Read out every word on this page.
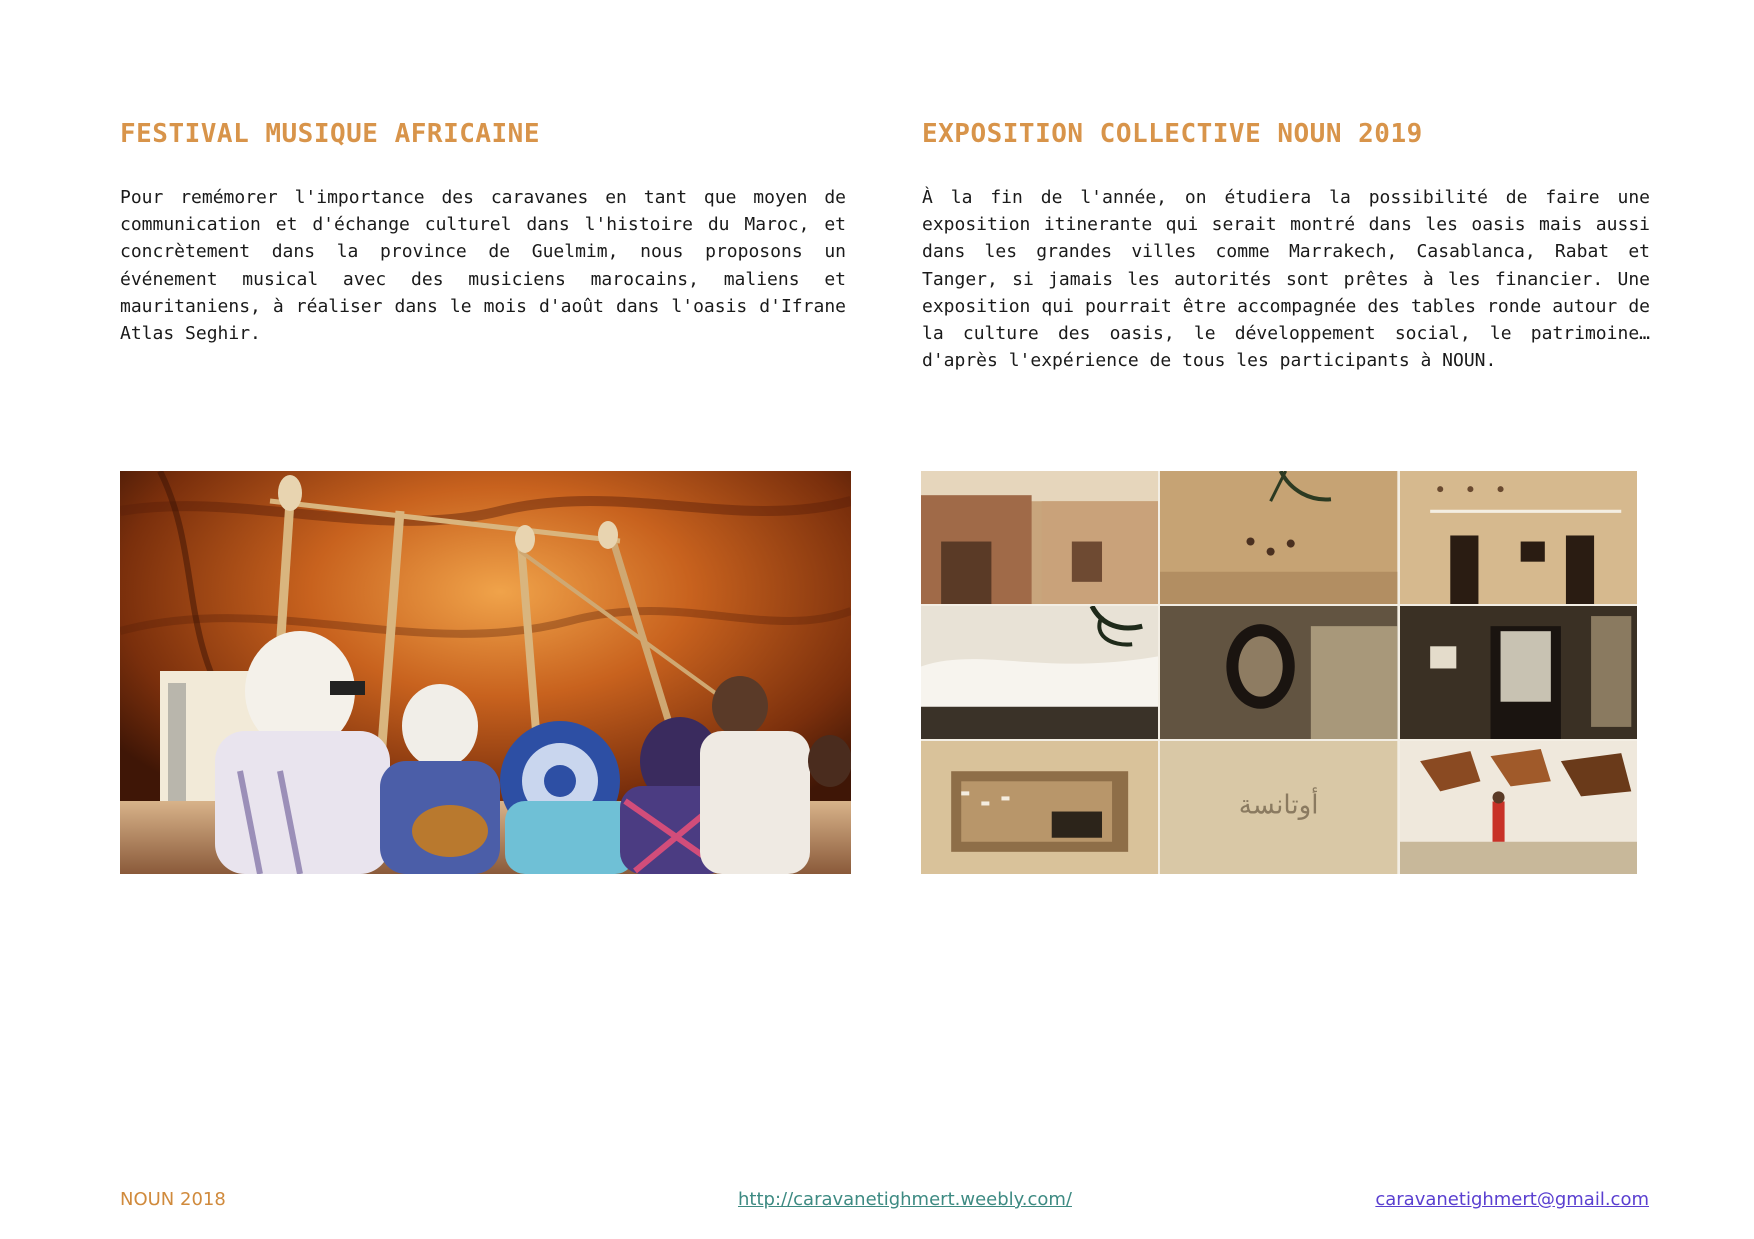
FESTIVAL MUSIQUE AFRICAINE

Pour remémorer l'importance des caravanes en tant que moyen de communication et d'échange culturel dans l'histoire du Maroc, et concrètement dans la province de Guelmim, nous proposons un événement musical avec des musiciens marocains, maliens et mauritaniens, à réaliser dans le mois d'août dans l'oasis d'Ifrane Atlas Seghir.

EXPOSITION COLLECTIVE NOUN 2019

À la fin de l'année, on étudiera la possibilité de faire une exposition itinerante qui serait montré dans les oasis mais aussi dans les grandes villes comme Marrakech, Casablanca, Rabat et Tanger, si jamais les autorités sont prêtes à les financier. Une exposition qui pourrait être accompagnée des tables ronde autour de la culture des oasis, le développement social, le patrimoine… d'après l'expérience de tous les participants à NOUN.

أوتانسة
NOUN 2018	http://caravanetighmert.weebly.com/	caravanetighmert@gmail.com
